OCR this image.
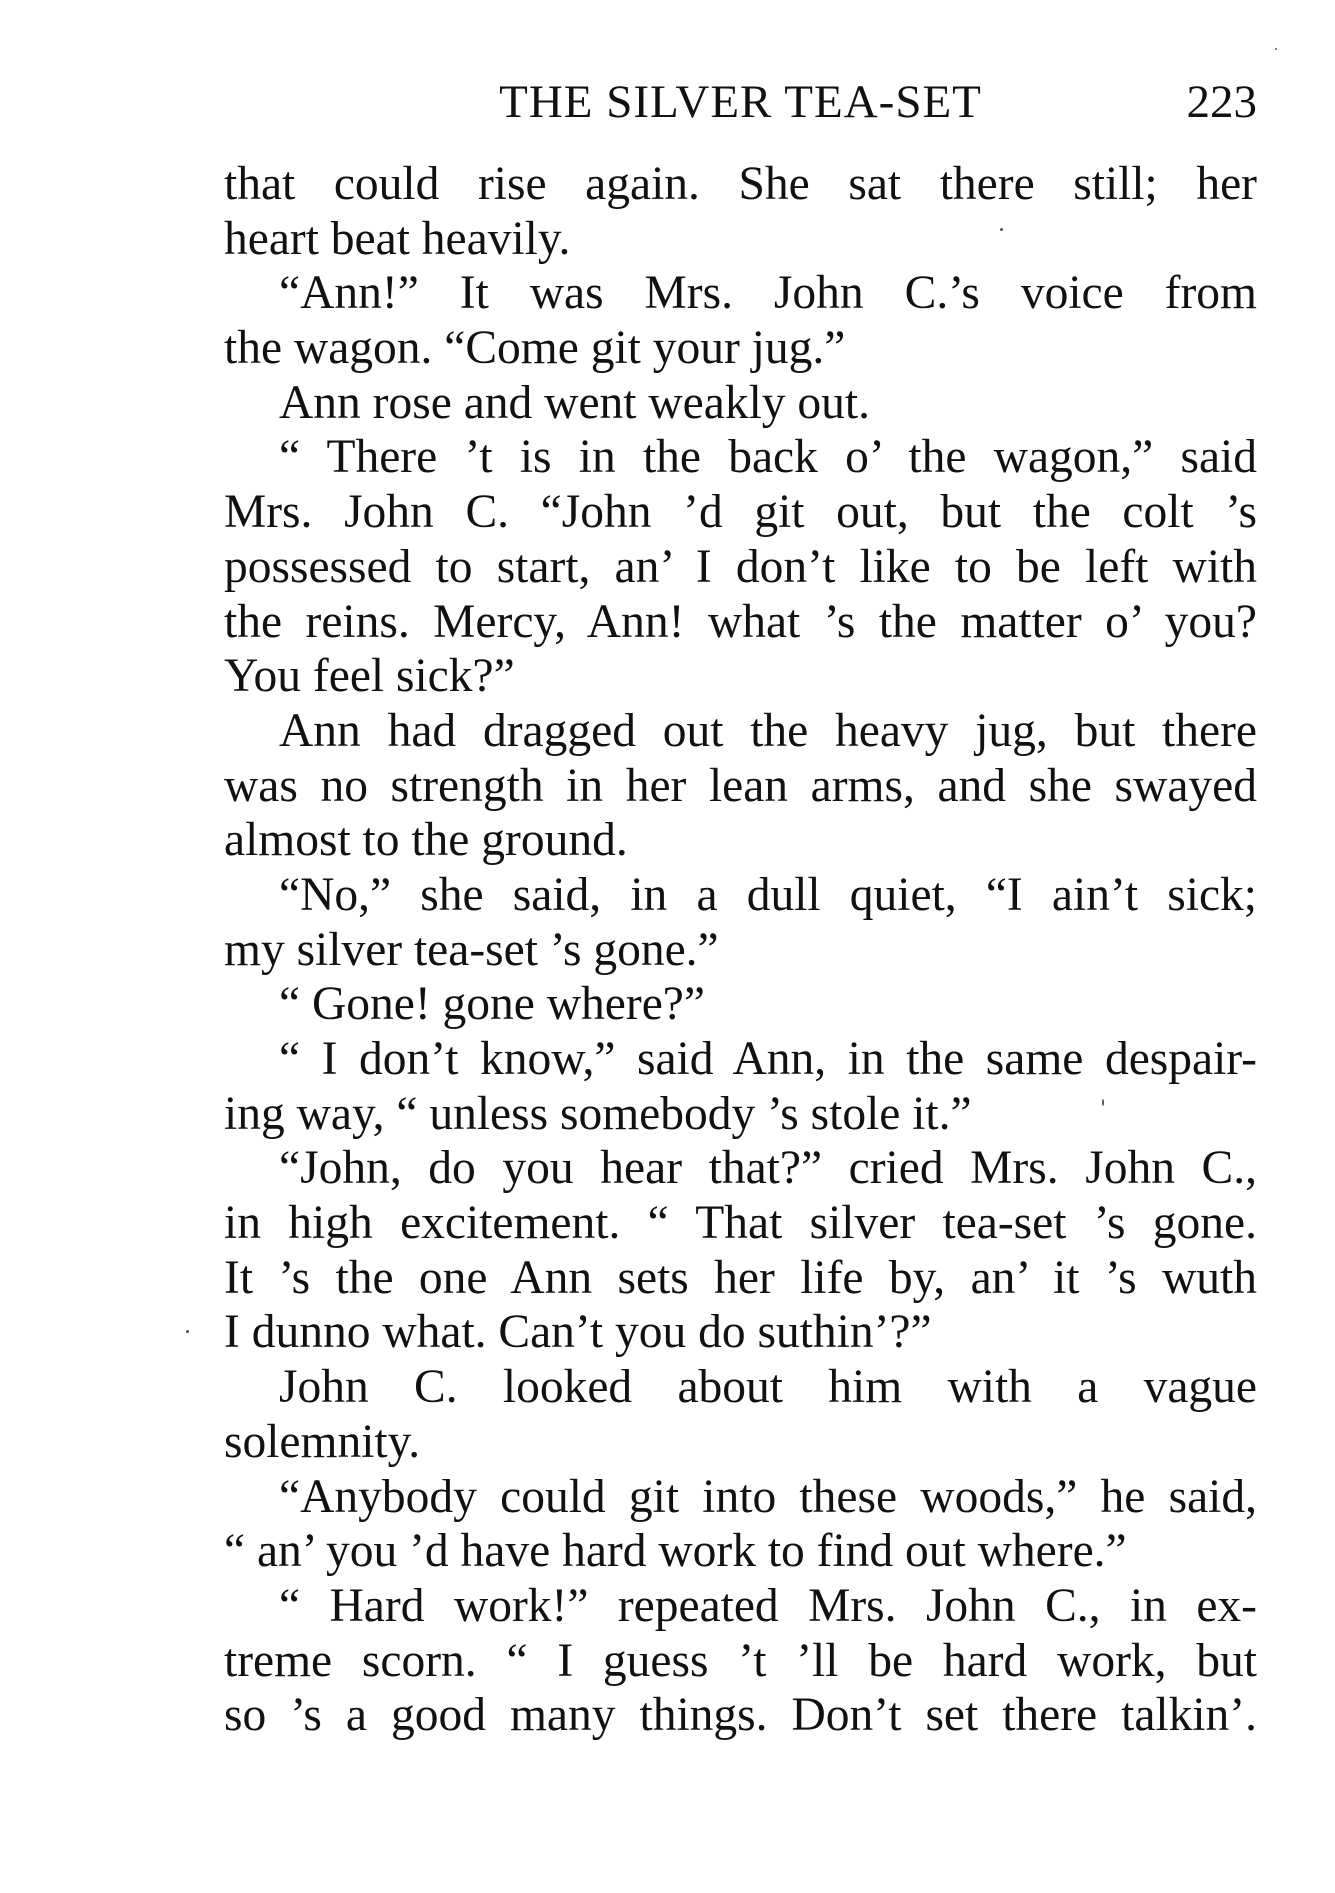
THE SILVER TEA-SET	223
that could rise again. She sat there still; her
heart beat heavily.
“Ann!” It was Mrs. John C.’s voice from
the wagon. “Come git your jug.”
Ann rose and went weakly out.
“ There ’t is in the back o’ the wagon,” said
Mrs. John C. “John ’d git out, but the colt ’s
possessed to start, an’ I don’t like to be left with
the reins. Mercy, Ann! what ’s the matter o’ you?
You feel sick?”
Ann had dragged out the heavy jug, but there
was no strength in her lean arms, and she swayed
almost to the ground.
“No,” she said, in a dull quiet, “I ain’t sick;
my silver tea-set ’s gone.”
“ Gone! gone where?”
“ I don’t know,” said Ann, in the same despair-
ing way, “ unless somebody ’s stole it.”
“John, do you hear that?” cried Mrs. John C.,
in high excitement. “ That silver tea-set ’s gone.
It ’s the one Ann sets her life by, an’ it ’s wuth
I dunno what. Can’t you do suthin’?”
John C. looked about him with a vague
solemnity.
“Anybody could git into these woods,” he said,
“ an’ you ’d have hard work to find out where.”
“ Hard work!” repeated Mrs. John C., in ex-
treme scorn. “ I guess ’t ’ll be hard work, but
so ’s a good many things. Don’t set there talkin’.
